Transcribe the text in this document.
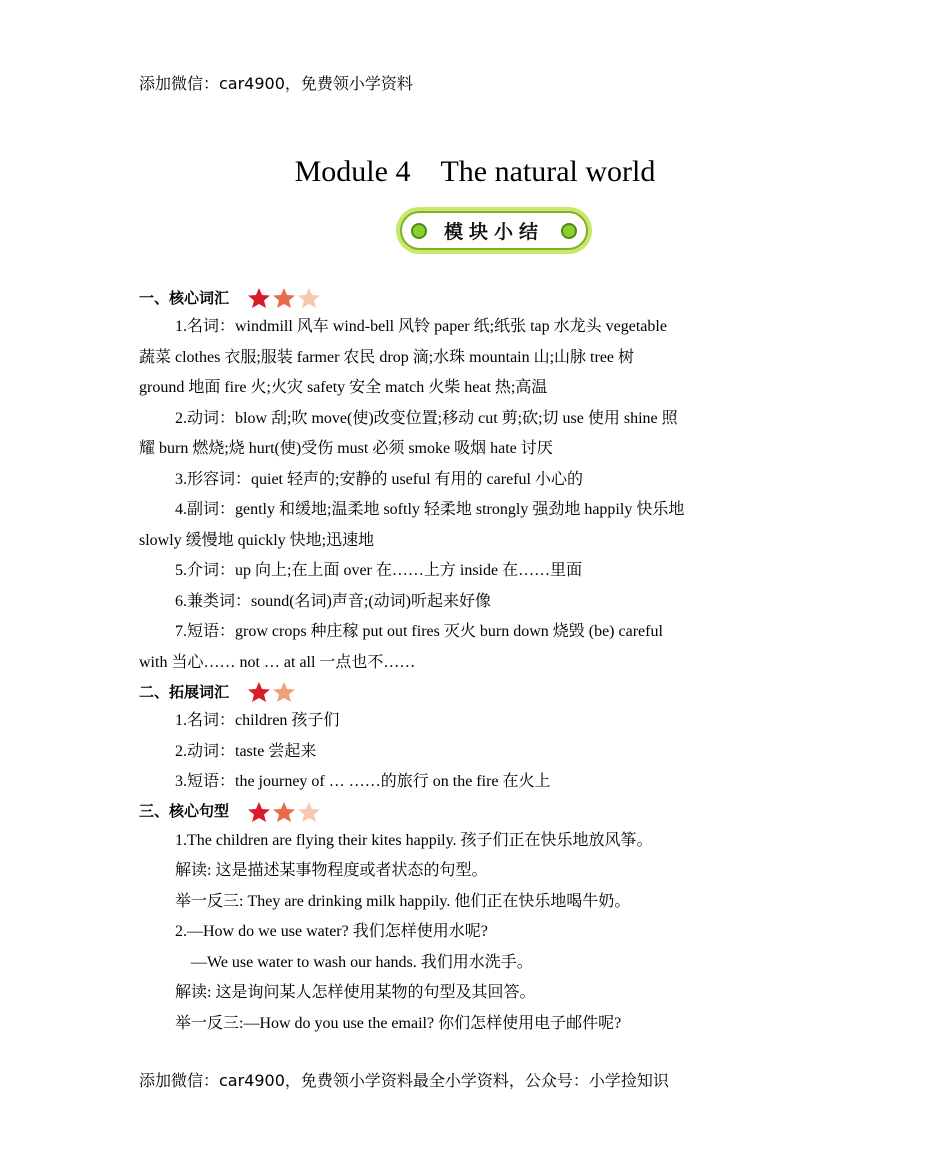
添加微信：car4900，免费领小学资料
Module 4 The natural world
模块小结
一、核心词汇
1.名词：windmill 风车 wind-bell 风铃 paper 纸;纸张 tap 水龙头 vegetable
蔬菜 clothes 衣服;服装 farmer 农民 drop 滴;水珠 mountain 山;山脉 tree 树
ground 地面 fire 火;火灾 safety 安全 match 火柴 heat 热;高温
2.动词：blow 刮;吹 move(使)改变位置;移动 cut 剪;砍;切 use 使用 shine 照
耀 burn 燃烧;烧 hurt(使)受伤 must 必须 smoke 吸烟 hate 讨厌
3.形容词：quiet 轻声的;安静的 useful 有用的 careful 小心的
4.副词：gently 和缓地;温柔地 softly 轻柔地 strongly 强劲地 happily 快乐地
slowly 缓慢地 quickly 快地;迅速地
5.介词：up 向上;在上面 over 在……上方 inside 在……里面
6.兼类词：sound(名词)声音;(动词)听起来好像
7.短语：grow crops 种庄稼 put out fires 灭火 burn down 烧毁 (be) careful
with 当心…… not … at all 一点也不……
二、拓展词汇
1.名词：children 孩子们
2.动词：taste 尝起来
3.短语：the journey of … ……的旅行 on the fire 在火上
三、核心句型
1.The children are flying their kites happily. 孩子们正在快乐地放风筝。
解读: 这是描述某事物程度或者状态的句型。
举一反三: They are drinking milk happily. 他们正在快乐地喝牛奶。
2.—How do we use water? 我们怎样使用水呢?
—We use water to wash our hands. 我们用水洗手。
解读: 这是询问某人怎样使用某物的句型及其回答。
举一反三:—How do you use the email? 你们怎样使用电子邮件呢?
添加微信：car4900，免费领小学资料最全小学资料，公众号：小学捡知识
